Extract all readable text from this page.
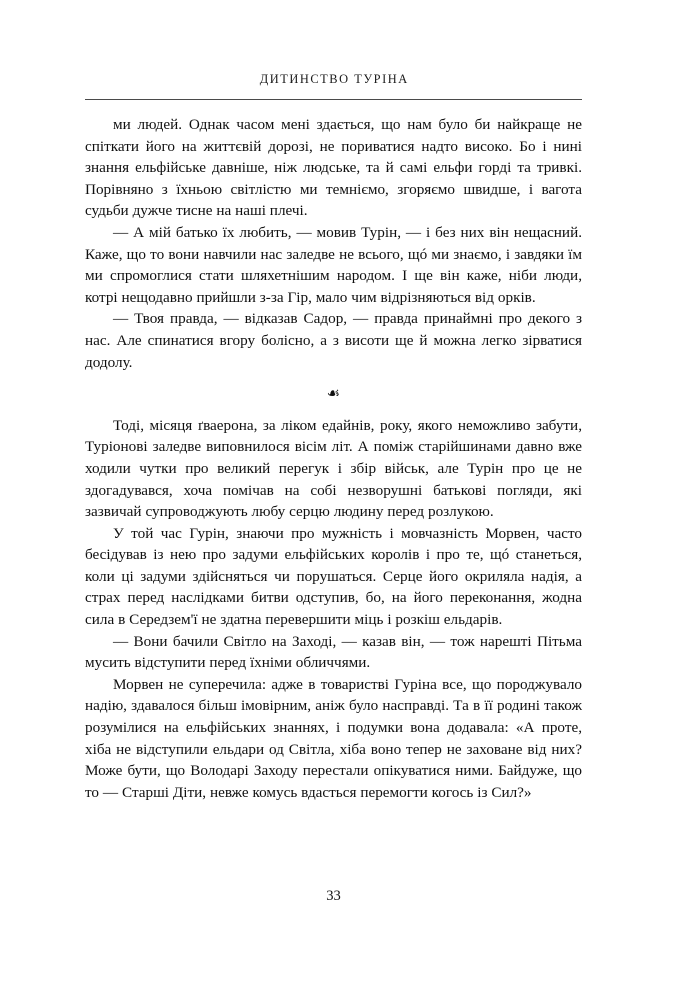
ДИТИНСТВО ТУРІНА

ми людей. Однак часом мені здається, що нам було би найкраще не спіткати його на життєвій дорозі, не пориватися надто високо. Бо і нині знання ельфійське давніше, ніж людське, та й самі ельфи горді та тривкі. Порівняно з їхньою світлістю ми темніємо, згоряємо швидше, і вагота судьби дужче тисне на наші плечі.

— А мій батько їх любить, — мовив Турін, — і без них він нещасний. Каже, що то вони навчили нас заледве не всього, щó ми знаємо, і завдяки їм ми спромоглися стати шляхетнішим народом. І ще він каже, ніби люди, котрі нещодавно прийшли з-за Гір, мало чим відрізняються від орків.

— Твоя правда, — відказав Садор, — правда принаймні про декого з нас. Але спинатися вгору болісно, а з висоти ще й можна легко зірватися додолу.

☙

Тоді, місяця ґваерона, за ліком едайнів, року, якого неможливо забути, Туріонові заледве виповнилося вісім літ. А поміж старійшинами давно вже ходили чутки про великий перегук і збір військ, але Турін про це не здогадувався, хоча помічав на собі незворушні батькові погляди, які зазвичай супроводжують любу серцю людину перед розлукою.

У той час Гурін, знаючи про мужність і мовчазність Морвен, часто бесідував із нею про задуми ельфійських королів і про те, щó станеться, коли ці задуми здійсняться чи порушаться. Серце його окриляла надія, а страх перед наслідками битви одступив, бо, на його переконання, жодна сила в Середзем'ї не здатна перевершити міць і розкіш ельдарів.

— Вони бачили Світло на Заході, — казав він, — тож нарешті Пітьма мусить відступити перед їхніми обличчями.

Морвен не суперечила: адже в товаристві Гуріна все, що породжувало надію, здавалося більш імовірним, аніж було насправді. Та в її родині також розумілися на ельфійських знаннях, і подумки вона додавала: «А проте, хіба не відступили ельдари од Світла, хіба воно тепер не заховане від них? Може бути, що Володарі Заходу перестали опікуватися ними. Байдуже, що то — Старші Діти, невже комусь вдасться перемогти когось із Сил?»

33
